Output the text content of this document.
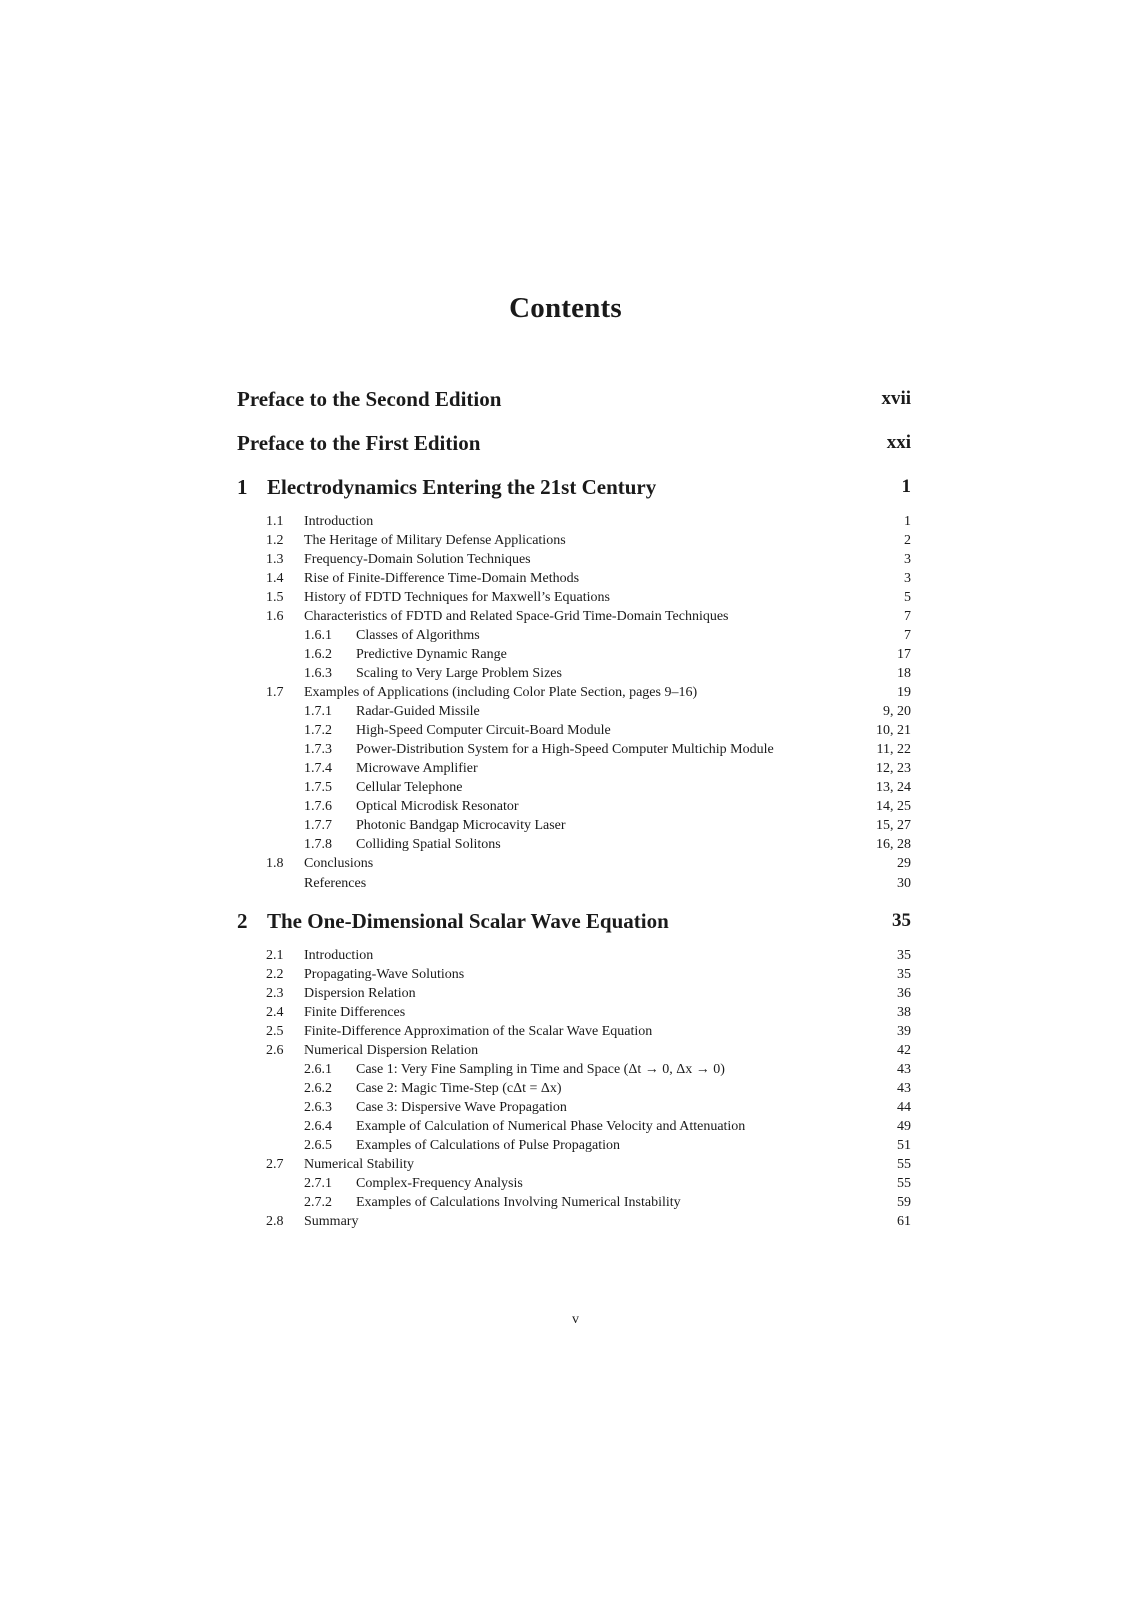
Contents
Preface to the Second Edition	xvii
Preface to the First Edition	xxi
1 Electrodynamics Entering the 21st Century	1
1.1 Introduction	1
1.2 The Heritage of Military Defense Applications	2
1.3 Frequency-Domain Solution Techniques	3
1.4 Rise of Finite-Difference Time-Domain Methods	3
1.5 History of FDTD Techniques for Maxwell’s Equations	5
1.6 Characteristics of FDTD and Related Space-Grid Time-Domain Techniques	7
1.6.1 Classes of Algorithms	7
1.6.2 Predictive Dynamic Range	17
1.6.3 Scaling to Very Large Problem Sizes	18
1.7 Examples of Applications (including Color Plate Section, pages 9–16)	19
1.7.1 Radar-Guided Missile	9, 20
1.7.2 High-Speed Computer Circuit-Board Module	10, 21
1.7.3 Power-Distribution System for a High-Speed Computer Multichip Module	11, 22
1.7.4 Microwave Amplifier	12, 23
1.7.5 Cellular Telephone	13, 24
1.7.6 Optical Microdisk Resonator	14, 25
1.7.7 Photonic Bandgap Microcavity Laser	15, 27
1.7.8 Colliding Spatial Solitons	16, 28
1.8 Conclusions	29
References	30
2 The One-Dimensional Scalar Wave Equation	35
2.1 Introduction	35
2.2 Propagating-Wave Solutions	35
2.3 Dispersion Relation	36
2.4 Finite Differences	38
2.5 Finite-Difference Approximation of the Scalar Wave Equation	39
2.6 Numerical Dispersion Relation	42
2.6.1 Case 1: Very Fine Sampling in Time and Space (Δt → 0, Δx → 0)	43
2.6.2 Case 2: Magic Time-Step (cΔt = Δx)	43
2.6.3 Case 3: Dispersive Wave Propagation	44
2.6.4 Example of Calculation of Numerical Phase Velocity and Attenuation	49
2.6.5 Examples of Calculations of Pulse Propagation	51
2.7 Numerical Stability	55
2.7.1 Complex-Frequency Analysis	55
2.7.2 Examples of Calculations Involving Numerical Instability	59
2.8 Summary	61
v
